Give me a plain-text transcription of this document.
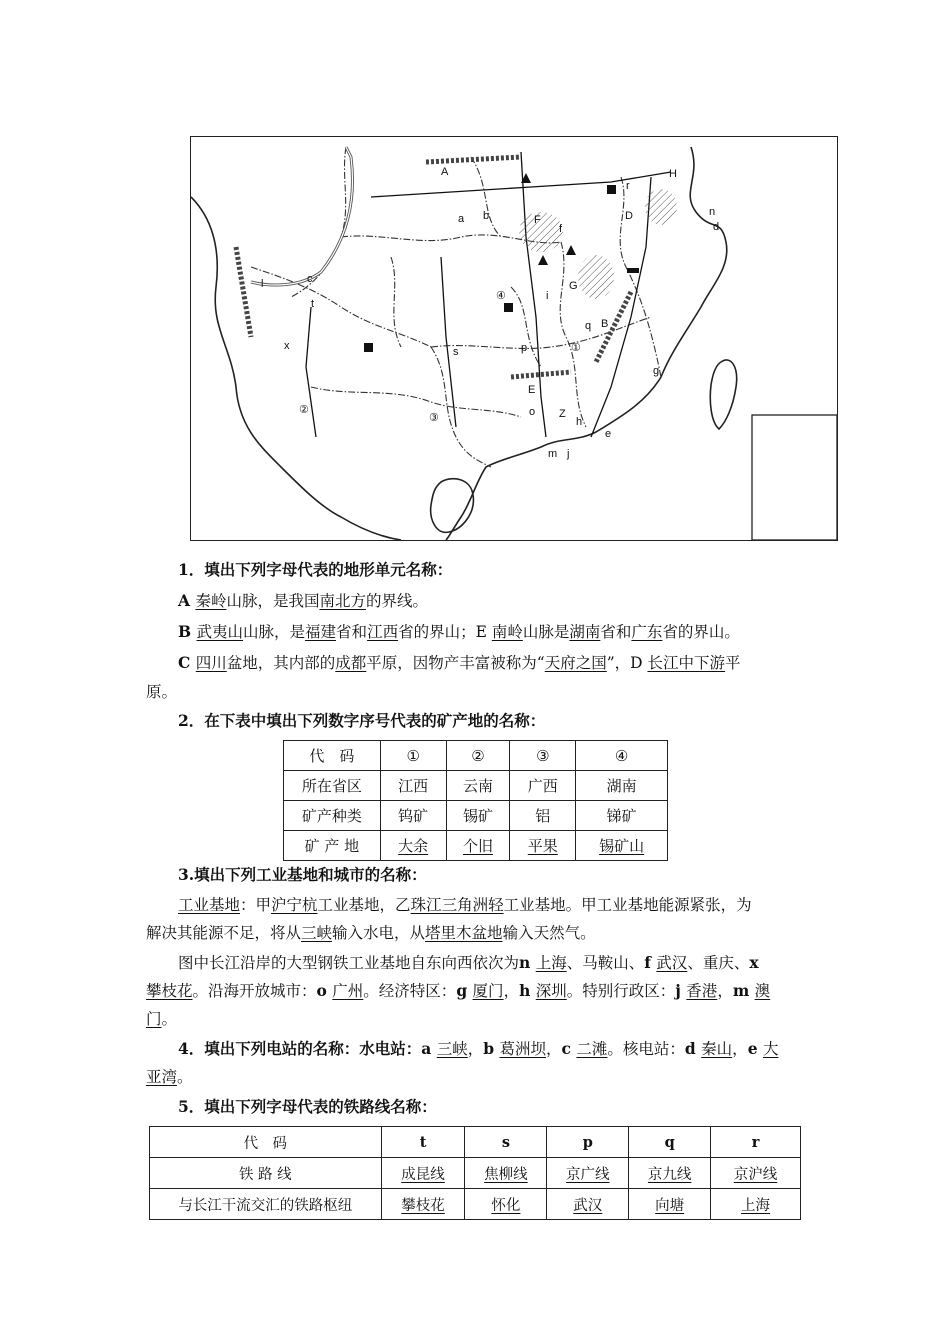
A
a b	F
f
D
H
r
n
d
c
t
l
x
i
G
B
q
s	p
E
g
o Z
h
m j
e
①
②
③
④
1．填出下列字母代表的地形单元名称：
A 秦岭山脉，是我国南北方的界线。
B 武夷山山脉，是福建省和江西省的界山；E 南岭山脉是湖南省和广东省的界山。
C 四川盆地，其内部的成都平原，因物产丰富被称为“天府之国”，D 长江中下游平
原。
2．在下表中填出下列数字序号代表的矿产地的名称：
代　码	①	②	③	④
所在省区	江西	云南	广西	湖南
矿产种类	钨矿	锡矿	铝	锑矿
矿 产 地	大余	个旧	平果	锡矿山
3.填出下列工业基地和城市的名称：
工业基地：甲沪宁杭工业基地，乙珠江三角洲轻工业基地。甲工业基地能源紧张，为
解决其能源不足，将从三峡输入水电，从塔里木盆地输入天然气。
图中长江沿岸的大型钢铁工业基地自东向西依次为n 上海、马鞍山、f 武汉、重庆、x
攀枝花。沿海开放城市：o 广州。经济特区：g 厦门，h 深圳。特别行政区：j 香港，m 澳
门。
4．填出下列电站的名称：水电站：a 三峡，b 葛洲坝，c 二滩。核电站：d 秦山，e 大
亚湾。
5．填出下列字母代表的铁路线名称：
代　码	t	s	p	q	r
铁 路 线	成昆线	焦柳线	京广线	京九线	京沪线
与长江干流交汇的铁路枢纽	攀枝花	怀化	武汉	向塘	上海
